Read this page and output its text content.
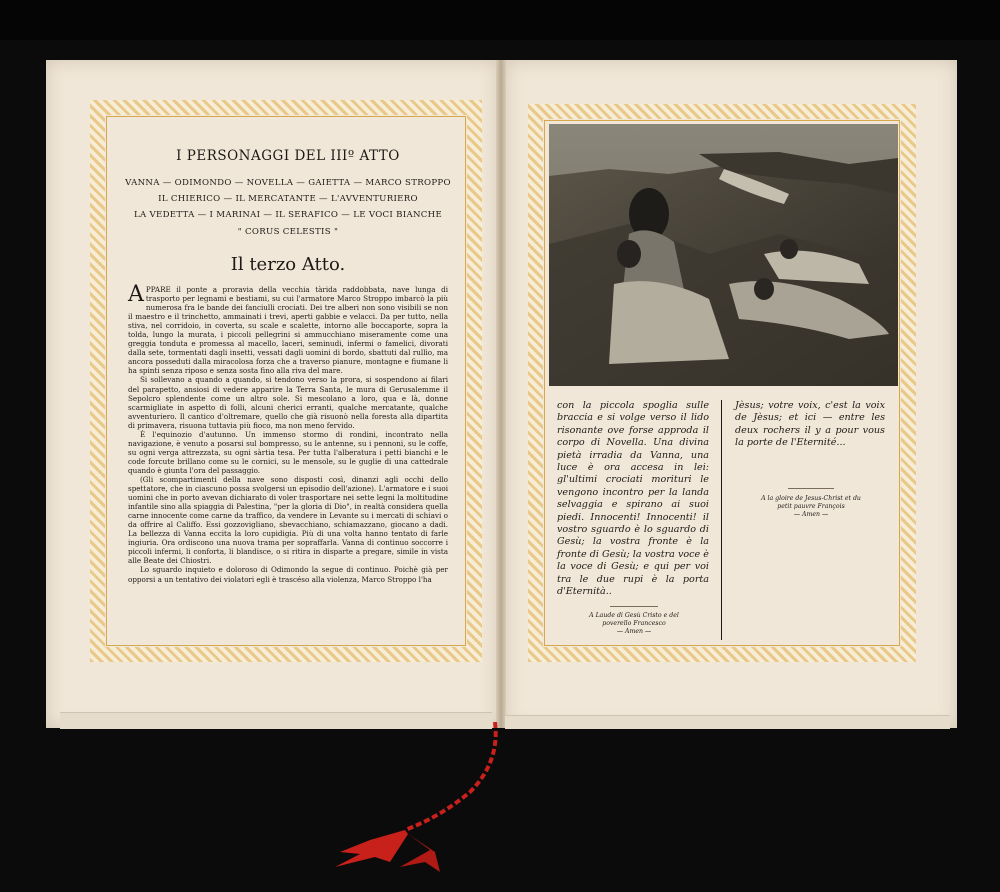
I PERSONAGGI DEL IIIº ATTO
VANNA — ODIMONDO — NOVELLA — GAIETTA — MARCO STROPPO
IL CHIERICO — IL MERCATANTE — L'AVVENTURIERO
LA VEDETTA — I MARINAI — IL SERAFICO — LE VOCI BIANCHE
" CORUS CELESTIS "
Il terzo Atto.

APPARE il ponte a proravia della vecchia tàrida raddobbata, nave lunga di trasporto per legnami e bestiami, su cui l'armatore Marco Stroppo imbarcò la più numerosa fra le bande dei fanciulli crociati. Dei tre alberi non sono visibili se non il maestro e il trinchetto, ammainati i trevi, aperti gabbie e velacci. Da per tutto, nella stiva, nel corridoio, in coverta, su scale e scalette, intorno alle boccaporte, sopra la tolda, lungo la murata, i piccoli pellegrini si ammucchiano miseramente come una greggia tonduta e promessa al macello, laceri, seminudi, infermi o famelici, divorati dalla sete, tormentati dagli insetti, vessati dagli uomini di bordo, sbattuti dal rullìo, ma ancora posseduti dalla miracolosa forza che a traverso pianure, montagne e fiumane li ha spinti senza riposo e senza sosta fino alla riva del mare.

Si sollevano a quando a quando, si tendono verso la prora, si sospendono ai filari del parapetto, ansiosi di vedere apparire la Terra Santa, le mura di Gerusalemme il Sepolcro splendente come un altro sole. Si mescolano a loro, qua e là, donne scarmigliate in aspetto di folli, alcuni cherici erranti, qualche mercatante, qualche avventuriero. Il cantico d'oltremare, quello che già risuonò nella foresta alla dipartita di primavera, risuona tuttavia più fioco, ma non meno fervido.

È l'equinozio d'autunno. Un immenso stormo di rondini, incontrato nella navigazione, è venuto a posarsi sul bompresso, su le antenne, su i pennoni, su le coffe, su ogni verga attrezzata, su ogni sàrtia tesa. Per tutta l'alberatura i petti bianchi e le code forcute brillano come su le cornici, su le mensole, su le guglie di una cattedrale quando è giunta l'ora del passaggio.

(Gli scompartimenti della nave sono disposti così, dinanzi agli occhi dello spettatore, che in ciascuno possa svolgersi un episodio dell'azione). L'armatore e i suoi uomini che in porto avevan dichiarato di voler trasportare nei sette legni la moltitudine infantile sino alla spiaggia di Palestina, "per la gloria di Dio", in realtà considera quella carne innocente come carne da traffico, da vendere in Levante su i mercati di schiavi o da offrire al Califfo. Essi gozzovigliano, sbevacchiano, schiamazzano, giocano a dadi. La bellezza di Vanna eccita la loro cupidigia. Più di una volta hanno tentato di farle ingiuria. Ora ordiscono una nuova trama per sopraffarla. Vanna di continuo soccorre i piccoli infermi, li conforta, li blandisce, o si ritira in disparte a pregare, simile in vista alle Beate dei Chiostri.

Lo sguardo inquieto e doloroso di Odimondo la segue di continuo. Poichè già per opporsi a un tentativo dei violatori egli è trascéso alla violenza, Marco Stroppo l'ha

con la piccola spoglia sulle braccia e si volge verso il lido risonante ove forse approda il corpo di Novella. Una divina pietà irradia da Vanna, una luce è ora accesa in lei: gl'ultimi crociati morituri le vengono incontro per la landa selvaggia e spirano ai suoi piedi. Innocenti! Innocenti! il vostro sguardo è lo sguardo di Gesù; la vostra fronte è la fronte di Gesù; la vostra voce è la voce di Gesù; e qui per voi tra le due rupi è la porta d'Eternità..
Jèsus; votre voix, c'est la voix de Jèsus; et ici — entre les deux rochers il y a pour vous la porte de l'Eternité...
A Laude di Gesù Cristo e del
poverello Francesco
— Amen —
A la gloire de Jesus-Christ et du
petit pauvre François
— Amen —
